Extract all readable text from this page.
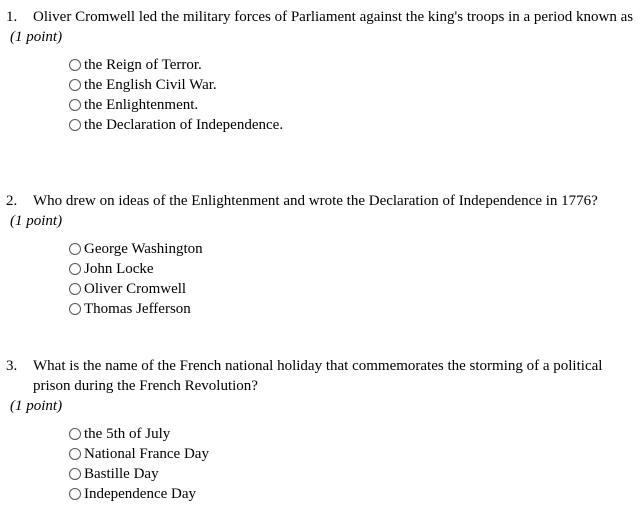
1. Oliver Cromwell led the military forces of Parliament against the king's troops in a period known as
(1 point)
the Reign of Terror.
the English Civil War.
the Enlightenment.
the Declaration of Independence.
2. Who drew on ideas of the Enlightenment and wrote the Declaration of Independence in 1776?
(1 point)
George Washington
John Locke
Oliver Cromwell
Thomas Jefferson
3. What is the name of the French national holiday that commemorates the storming of a political prison during the French Revolution?
(1 point)
the 5th of July
National France Day
Bastille Day
Independence Day
